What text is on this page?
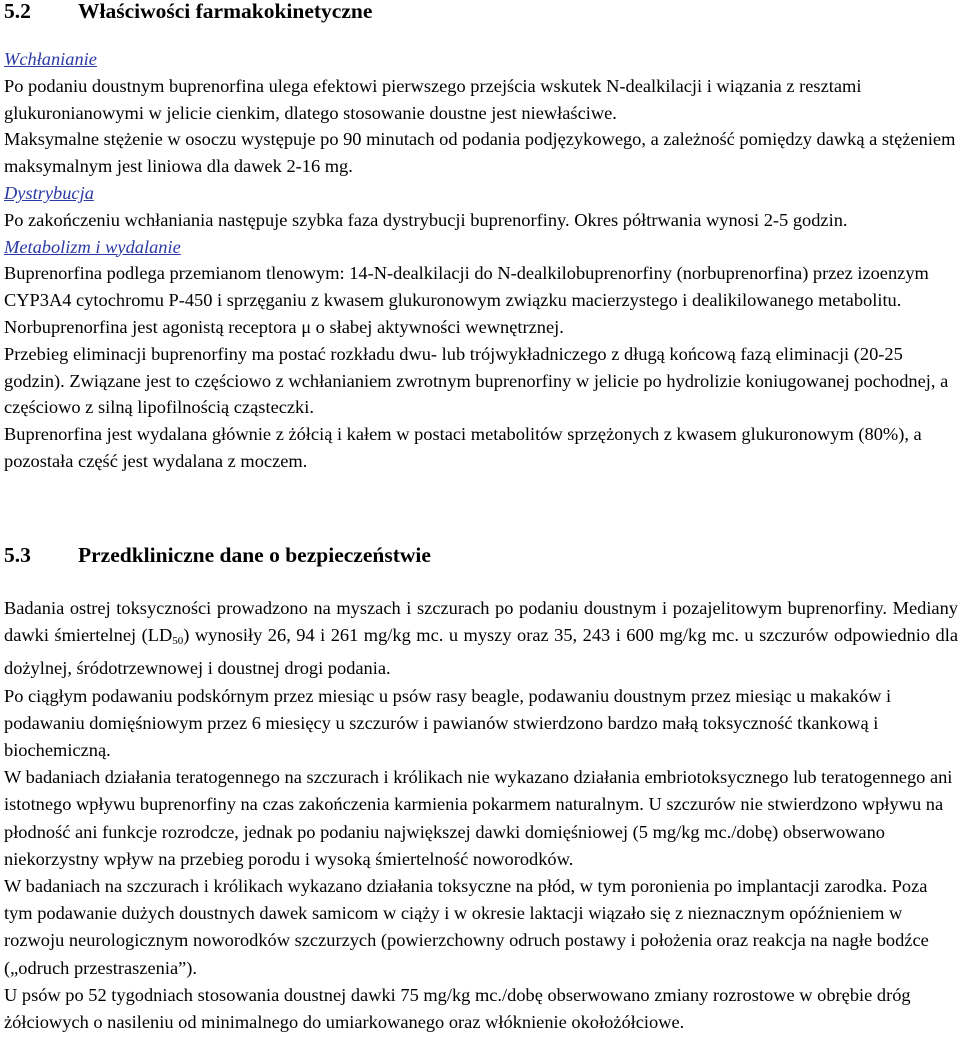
5.2	Właściwości farmakokinetyczne
Wchłanianie
Po podaniu doustnym buprenorfina ulega efektowi pierwszego przejścia wskutek N-dealkilacji i wiązania z resztami glukuronianowymi w jelicie cienkim, dlatego stosowanie doustne jest niewłaściwe.
Maksymalne stężenie w osoczu występuje po 90 minutach od podania podjęzykowego, a zależność pomiędzy dawką a stężeniem maksymalnym jest liniowa dla dawek 2-16 mg.
Dystrybucja
Po zakończeniu wchłaniania następuje szybka faza dystrybucji buprenorfiny. Okres półtrwania wynosi 2-5 godzin.
Metabolizm i wydalanie
Buprenorfina podlega przemianom tlenowym: 14-N-dealkilacji do N-dealkilobuprenorfiny (norbuprenorfina) przez izoenzym CYP3A4 cytochromu P-450 i sprzęganiu z kwasem glukuronowym związku macierzystego i dealikilowanego metabolitu. Norbuprenorfina jest agonistą receptora μ o słabej aktywności wewnętrznej.
Przebieg eliminacji buprenorfiny ma postać rozkładu dwu- lub trójwykładniczego z długą końcową fazą eliminacji (20-25 godzin). Związane jest to częściowo z wchłanianiem zwrotnym buprenorfiny w jelicie po hydrolizie koniugowanej pochodnej, a częściowo z silną lipofilnością cząsteczki.
Buprenorfina jest wydalana głównie z żółcią i kałem w postaci metabolitów sprzężonych z kwasem glukuronowym (80%), a pozostała część jest wydalana z moczem.
5.3	Przedkliniczne dane o bezpieczeństwie
Badania ostrej toksyczności prowadzono na myszach i szczurach po podaniu doustnym i pozajelitowym buprenorfiny. Mediany dawki śmiertelnej $(LD_{50})$ wynosiły 26, 94 i 261 mg/kg mc. u myszy oraz 35, 243 i 600 mg/kg mc. u szczurów odpowiednio dla dożylnej, śródotrzewnowej i doustnej drogi podania.
Po ciągłym podawaniu podskórnym przez miesiąc u psów rasy beagle, podawaniu doustnym przez miesiąc u makaków i podawaniu domięśniowym przez 6 miesięcy u szczurów i pawianów stwierdzono bardzo małą toksyczność tkankową i biochemiczną.
W badaniach działania teratogennego na szczurach i królikach nie wykazano działania embriotoksycznego lub teratogennego ani istotnego wpływu buprenorfiny na czas zakończenia karmienia pokarmem naturalnym. U szczurów nie stwierdzono wpływu na płodność ani funkcje rozrodcze, jednak po podaniu największej dawki domięśniowej (5 mg/kg mc./dobę) obserwowano niekorzystny wpływ na przebieg porodu i wysoką śmiertelność noworodków.
W badaniach na szczurach i królikach wykazano działania toksyczne na płód, w tym poronienia po implantacji zarodka. Poza tym podawanie dużych doustnych dawek samicom w ciąży i w okresie laktacji wiązało się z nieznacznym opóźnieniem w rozwoju neurologicznym noworodków szczurzych (powierzchowny odruch postawy i położenia oraz reakcja na nagłe bodźce („odruch przestraszenia”).
U psów po 52 tygodniach stosowania doustnej dawki 75 mg/kg mc./dobę obserwowano zmiany rozrostowe w obrębie dróg żółciowych o nasileniu od minimalnego do umiarkowanego oraz włóknienie okołożółciowe.
